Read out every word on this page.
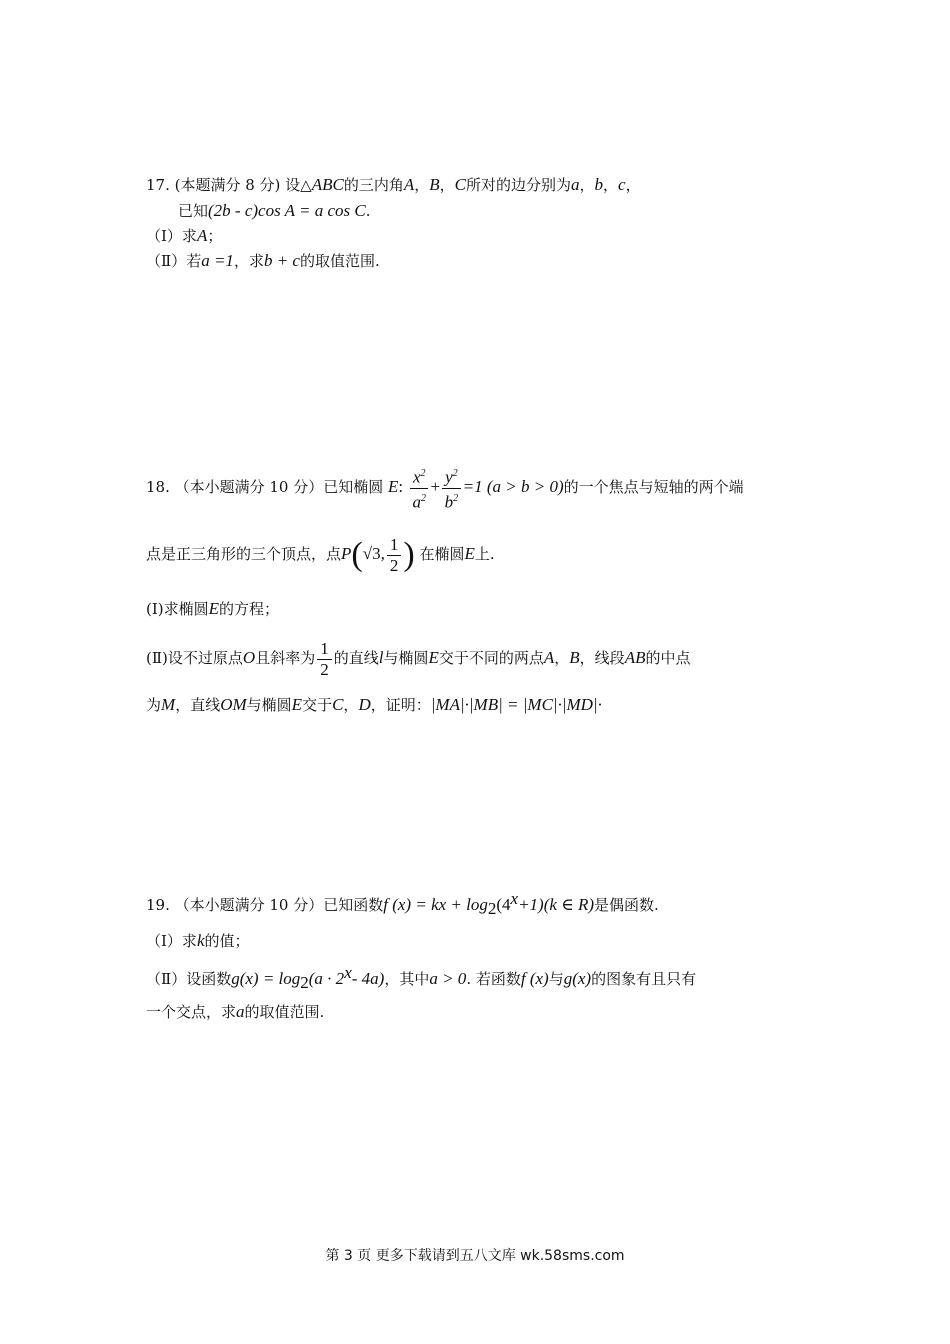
17. (本题满分 8 分) 设△ABC的三内角A，B，C所对的边分别为a，b，c，
已知(2b - c)cos A = a cos C.
（Ⅰ）求A；
（Ⅱ）若a =1，求b + c的取值范围.
18. （本小题满分 10 分）已知椭圆 E: $\frac{x^2}{a^2} + \frac{y^2}{b^2} =1$ (a > b > 0)的一个焦点与短轴的两个端
点是正三角形的三个顶点，点P(√3, $\frac{1}{2}$ ) 在椭圆E上.
(Ⅰ)求椭圆E的方程；
(Ⅱ)设不过原点O且斜率为 $\frac{1}{2}$ 的直线l与椭圆E交于不同的两点A，B，线段AB的中点
为M，直线OM与椭圆E交于C，D，证明：|MA|·|MB| = |MC|·|MD|·
19. （本小题满分 10 分）已知函数f (x) = kx + $\log_2(4^x+1)(k$ ∈ R)是偶函数.
（Ⅰ）求k的值；
（Ⅱ）设函数$g(x) = \log_2(a \cdot 2^x-$ 4a)，其中a > 0. 若函数f (x)与g(x)的图象有且只有
一个交点，求a的取值范围.
第 3 页 更多下载请到五八文库 wk.58sms.com
